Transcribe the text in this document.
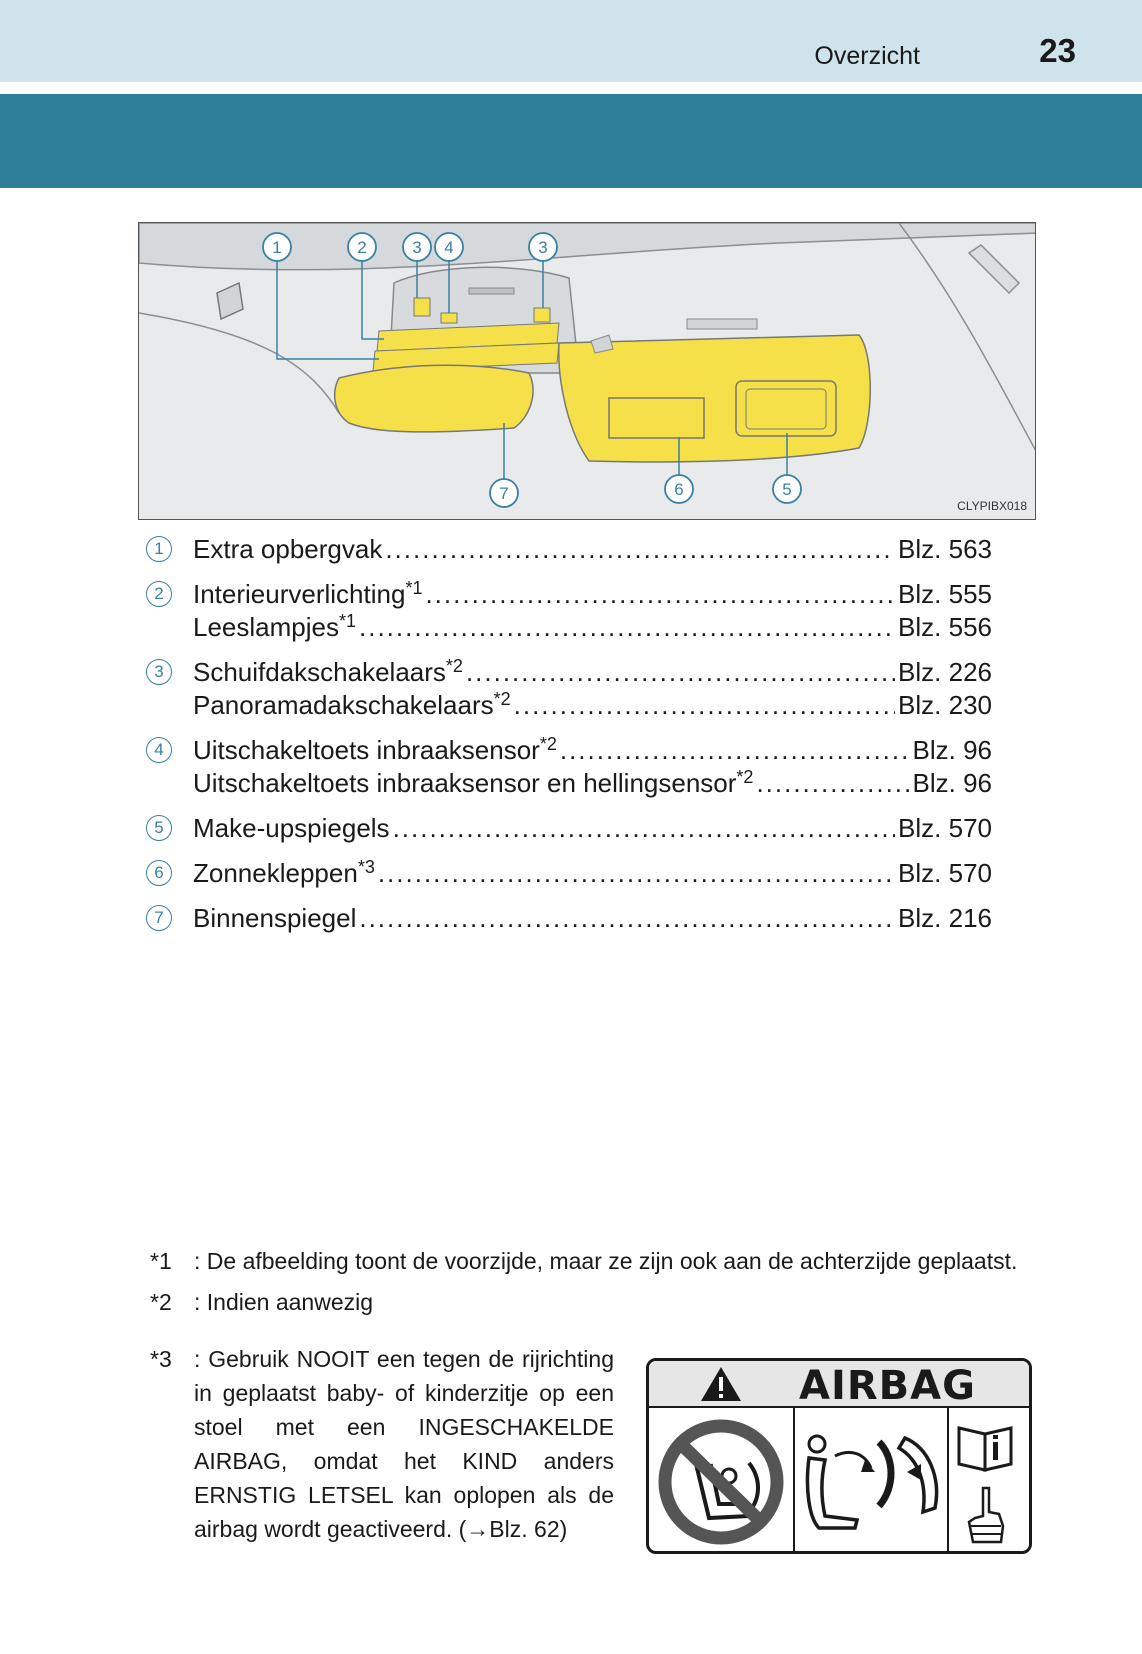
Overzicht	23
1	2	3 4	3
7	6	5
CLYPIBX018
1	Extra opbergvak .....	Blz. 563
2	Interieurverlichting$^{*1}$ .....	Blz. 555
Leeslampjes$^{*1}$ .....	Blz. 556
3	Schuifdakschakelaars$^{*2}$ .....	Blz. 226
Panoramadakschakelaars$^{*2}$ .....	Blz. 230
4	Uitschakeltoets inbraaksensor$^{*2}$ .....	Blz. 96
Uitschakeltoets inbraaksensor en hellingsensor$^{*2}$ .....	Blz. 96
5	Make-upspiegels .....	Blz. 570
6	Zonnekleppen$^{*3}$ .....	Blz. 570
7	Binnenspiegel .....	Blz. 216
*1 : De afbeelding toont de voorzijde, maar ze zijn ook aan de achterzijde geplaatst.
*2 : Indien aanwezig
*3 : Gebruik NOOIT een tegen de rijrichting in geplaatst baby- of kinderzitje op een stoel met een INGESCHAKELDE AIRBAG, omdat het KIND anders ERNSTIG LETSEL kan oplopen als de airbag wordt geactiveerd. (→Blz. 62)
AIRBAG
